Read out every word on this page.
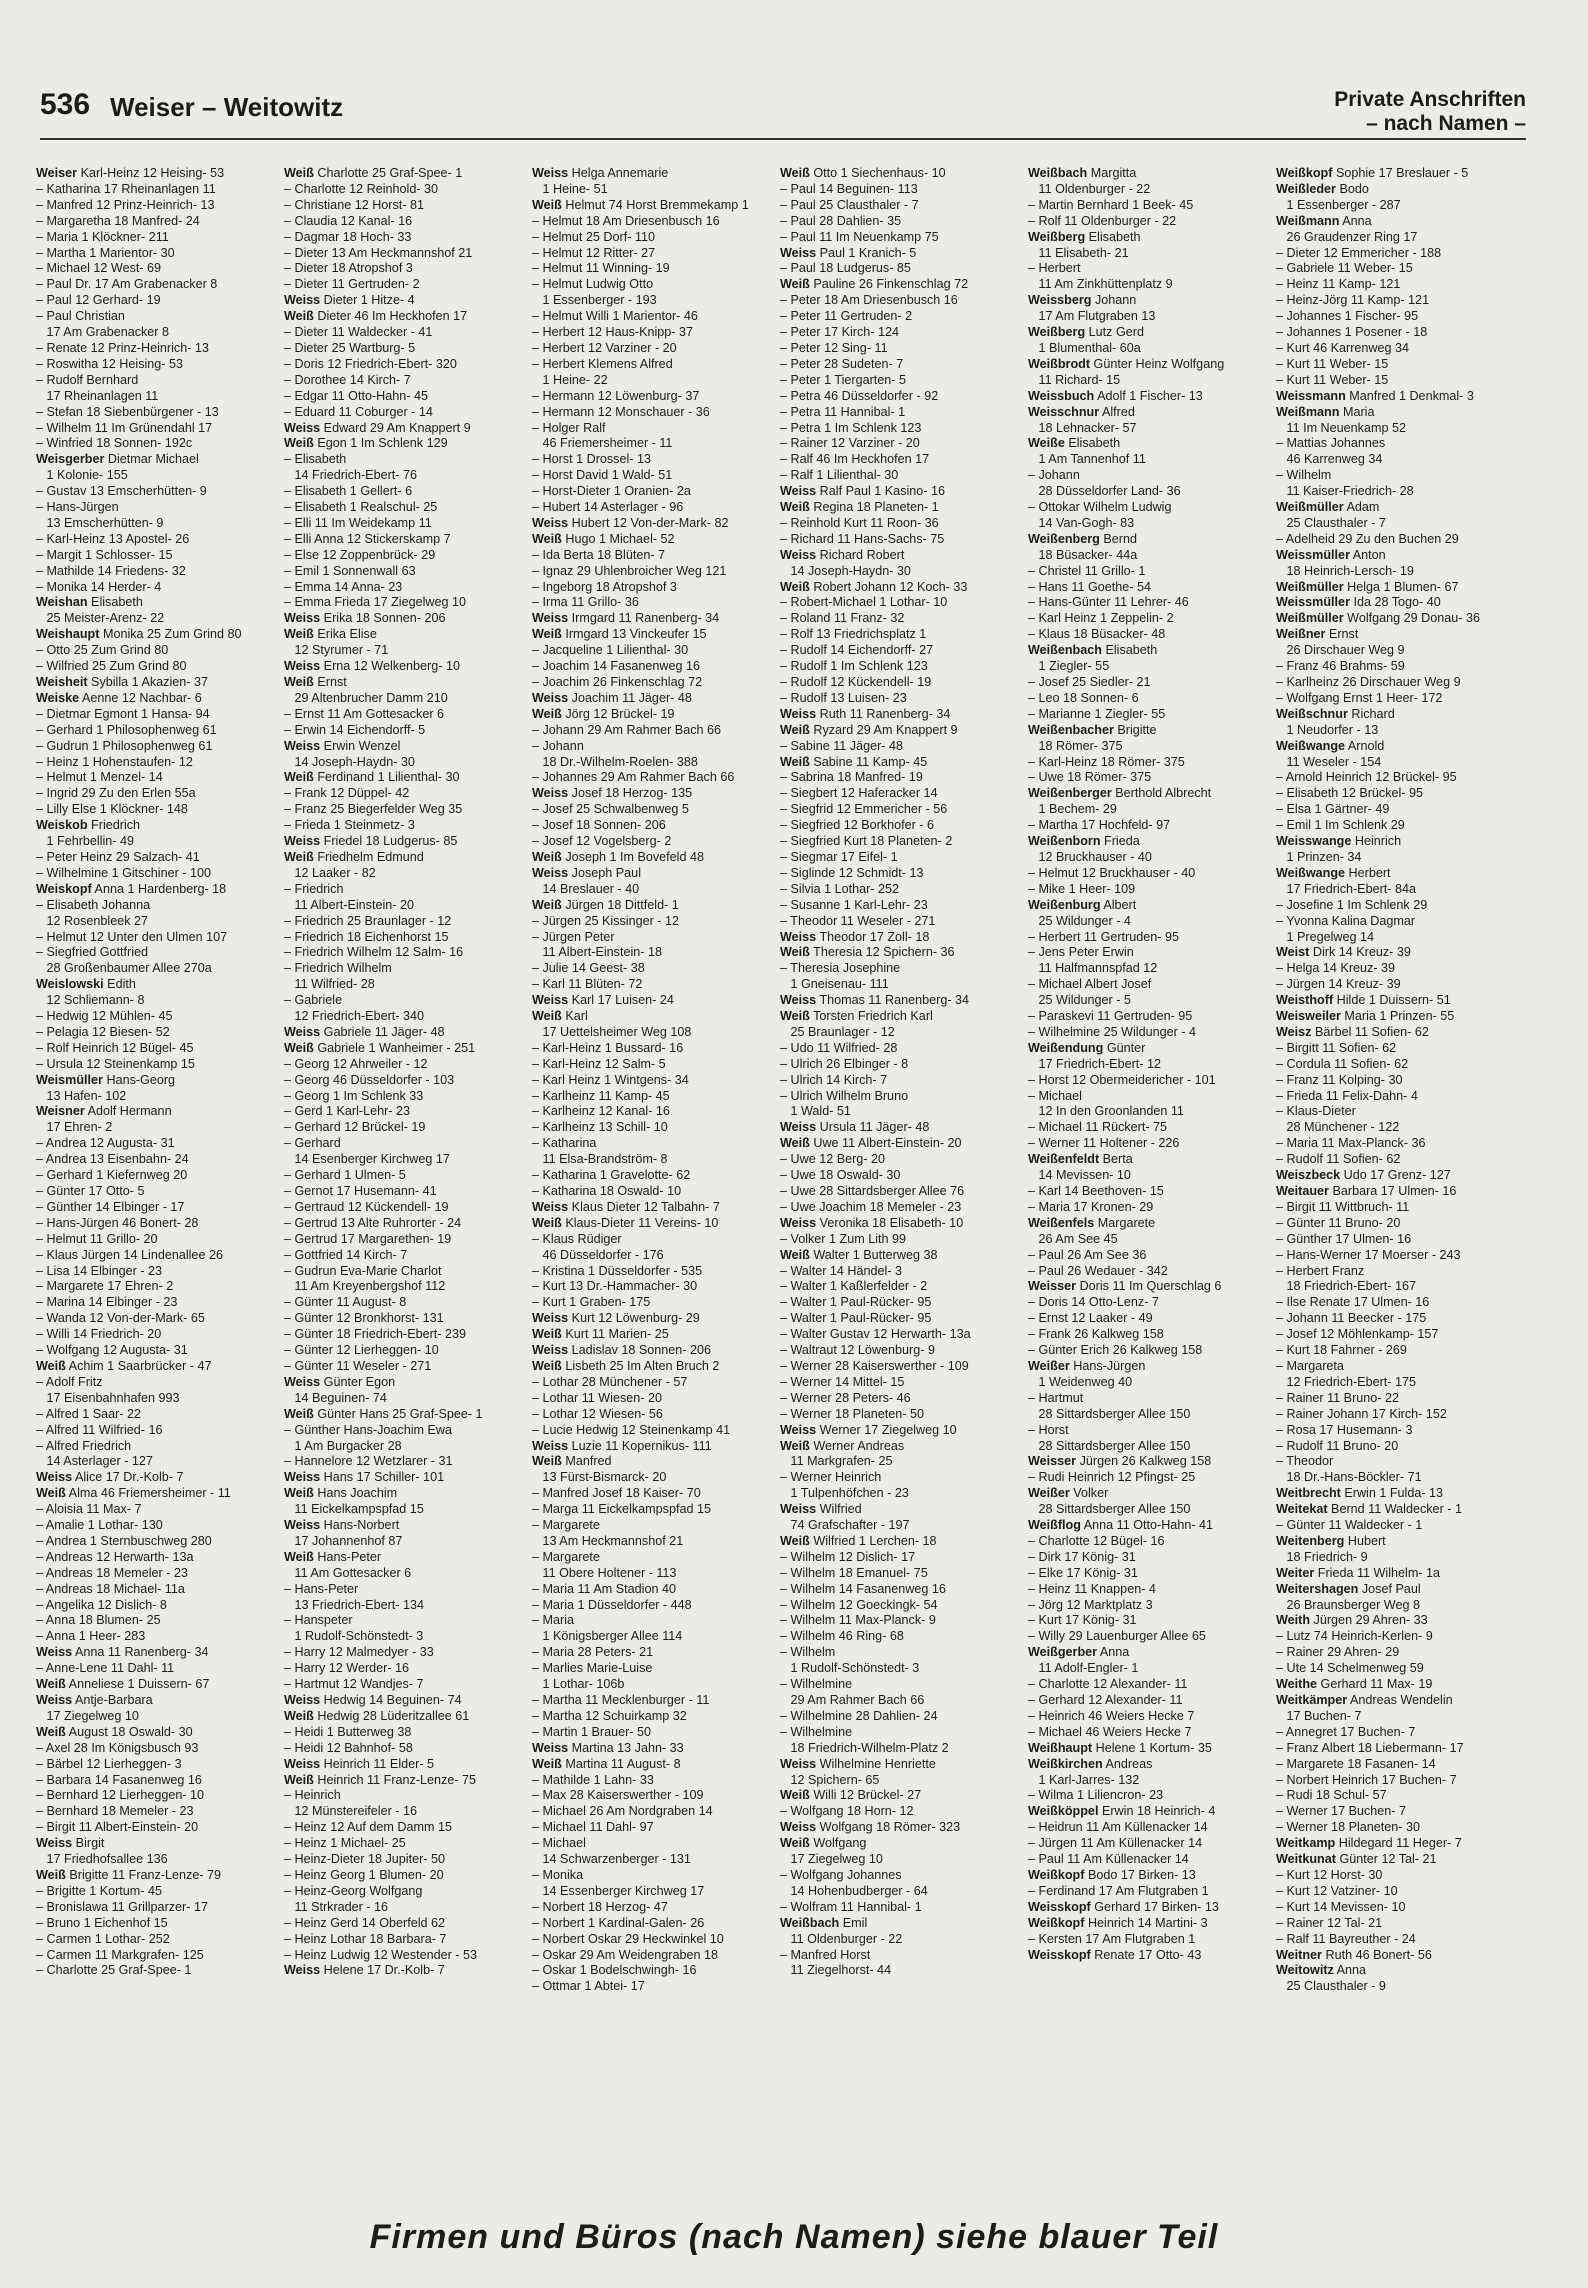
536 Weiser – Weitowitz	Private Anschriften
– nach Namen –
Weiser Karl-Heinz 12 Heising- 53
– Katharina 17 Rheinanlagen 11
– Manfred 12 Prinz-Heinrich- 13
– Margaretha 18 Manfred- 24
– Maria 1 Klöckner- 211
– Martha 1 Marientor- 30
– Michael 12 West- 69
– Paul Dr. 17 Am Grabenacker 8
– Paul 12 Gerhard- 19
– Paul Christian
17 Am Grabenacker 8
– Renate 12 Prinz-Heinrich- 13
– Roswitha 12 Heising- 53
– Rudolf Bernhard
17 Rheinanlagen 11
– Stefan 18 Siebenbürgener - 13
– Wilhelm 11 Im Grünendahl 17
– Winfried 18 Sonnen- 192c
Weisgerber Dietmar Michael
1 Kolonie- 155
– Gustav 13 Emscherhütten- 9
– Hans-Jürgen
13 Emscherhütten- 9
– Karl-Heinz 13 Apostel- 26
– Margit 1 Schlosser- 15
– Mathilde 14 Friedens- 32
– Monika 14 Herder- 4
Weishan Elisabeth
25 Meister-Arenz- 22
Weishaupt Monika 25 Zum Grind 80
– Otto 25 Zum Grind 80
– Wilfried 25 Zum Grind 80
Weisheit Sybilla 1 Akazien- 37
Weiske Aenne 12 Nachbar- 6
– Dietmar Egmont 1 Hansa- 94
– Gerhard 1 Philosophenweg 61
– Gudrun 1 Philosophenweg 61
– Heinz 1 Hohenstaufen- 12
– Helmut 1 Menzel- 14
– Ingrid 29 Zu den Erlen 55a
– Lilly Else 1 Klöckner- 148
Weiskob Friedrich
1 Fehrbellin- 49
– Peter Heinz 29 Salzach- 41
– Wilhelmine 1 Gitschiner - 100
Weiskopf Anna 1 Hardenberg- 18
– Elisabeth Johanna
12 Rosenbleek 27
– Helmut 12 Unter den Ulmen 107
– Siegfried Gottfried
28 Großenbaumer Allee 270a
Weislowski Edith
12 Schliemann- 8
– Hedwig 12 Mühlen- 45
– Pelagia 12 Biesen- 52
– Rolf Heinrich 12 Bügel- 45
– Ursula 12 Steinenkamp 15
Weismüller Hans-Georg
13 Hafen- 102
Weisner Adolf Hermann
17 Ehren- 2
– Andrea 12 Augusta- 31
– Andrea 13 Eisenbahn- 24
– Gerhard 1 Kiefernweg 20
– Günter 17 Otto- 5
– Günther 14 Elbinger - 17
– Hans-Jürgen 46 Bonert- 28
– Helmut 11 Grillo- 20
– Klaus Jürgen 14 Lindenallee 26
– Lisa 14 Elbinger - 23
– Margarete 17 Ehren- 2
– Marina 14 Elbinger - 23
– Wanda 12 Von-der-Mark- 65
– Willi 14 Friedrich- 20
– Wolfgang 12 Augusta- 31
Weiß Achim 1 Saarbrücker - 47
– Adolf Fritz
17 Eisenbahnhafen 993
– Alfred 1 Saar- 22
– Alfred 11 Wilfried- 16
– Alfred Friedrich
14 Asterlager - 127
Weiss Alice 17 Dr.-Kolb- 7
Weiß Alma 46 Friemersheimer - 11
– Aloisia 11 Max- 7
– Amalie 1 Lothar- 130
– Andrea 1 Sternbuschweg 280
– Andreas 12 Herwarth- 13a
– Andreas 18 Memeler - 23
– Andreas 18 Michael- 11a
– Angelika 12 Dislich- 8
– Anna 18 Blumen- 25
– Anna 1 Heer- 283
Weiss Anna 11 Ranenberg- 34
– Anne-Lene 11 Dahl- 11
Weiß Anneliese 1 Duissern- 67
Weiss Antje-Barbara
17 Ziegelweg 10
Weiß August 18 Oswald- 30
– Axel 28 Im Königsbusch 93
– Bärbel 12 Lierheggen- 3
– Barbara 14 Fasanenweg 16
– Bernhard 12 Lierheggen- 10
– Bernhard 18 Memeler - 23
– Birgit 11 Albert-Einstein- 20
Weiss Birgit
17 Friedhofsallee 136
Weiß Brigitte 11 Franz-Lenze- 79
– Brigitte 1 Kortum- 45
– Bronislawa 11 Grillparzer- 17
– Bruno 1 Eichenhof 15
– Carmen 1 Lothar- 252
– Carmen 11 Markgrafen- 125
– Charlotte 25 Graf-Spee- 1
Weiß Charlotte 25 Graf-Spee- 1
– Charlotte 12 Reinhold- 30
– Christiane 12 Horst- 81
– Claudia 12 Kanal- 16
– Dagmar 18 Hoch- 33
– Dieter 13 Am Heckmannshof 21
– Dieter 18 Atropshof 3
– Dieter 11 Gertruden- 2
Weiss Dieter 1 Hitze- 4
Weiß Dieter 46 Im Heckhofen 17
– Dieter 11 Waldecker - 41
– Dieter 25 Wartburg- 5
– Doris 12 Friedrich-Ebert- 320
– Dorothee 14 Kirch- 7
– Edgar 11 Otto-Hahn- 45
– Eduard 11 Coburger - 14
Weiss Edward 29 Am Knappert 9
Weiß Egon 1 Im Schlenk 129
– Elisabeth
14 Friedrich-Ebert- 76
– Elisabeth 1 Gellert- 6
– Elisabeth 1 Realschul- 25
– Elli 11 Im Weidekamp 11
– Elli Anna 12 Stickerskamp 7
– Else 12 Zoppenbrück- 29
– Emil 1 Sonnenwall 63
– Emma 14 Anna- 23
– Emma Frieda 17 Ziegelweg 10
Weiss Erika 18 Sonnen- 206
Weiß Erika Elise
12 Styrumer - 71
Weiss Erna 12 Welkenberg- 10
Weiß Ernst
29 Altenbrucher Damm 210
– Ernst 11 Am Gottesacker 6
– Erwin 14 Eichendorff- 5
Weiss Erwin Wenzel
14 Joseph-Haydn- 30
Weiß Ferdinand 1 Lilienthal- 30
– Frank 12 Düppel- 42
– Franz 25 Biegerfelder Weg 35
– Frieda 1 Steinmetz- 3
Weiss Friedel 18 Ludgerus- 85
Weiß Friedhelm Edmund
12 Laaker - 82
– Friedrich
11 Albert-Einstein- 20
– Friedrich 25 Braunlager - 12
– Friedrich 18 Eichenhorst 15
– Friedrich Wilhelm 12 Salm- 16
– Friedrich Wilhelm
11 Wilfried- 28
– Gabriele
12 Friedrich-Ebert- 340
Weiss Gabriele 11 Jäger- 48
Weiß Gabriele 1 Wanheimer - 251
– Georg 12 Ahrweiler - 12
– Georg 46 Düsseldorfer - 103
– Georg 1 Im Schlenk 33
– Gerd 1 Karl-Lehr- 23
– Gerhard 12 Brückel- 19
– Gerhard
14 Esenberger Kirchweg 17
– Gerhard 1 Ulmen- 5
– Gernot 17 Husemann- 41
– Gertraud 12 Kückendell- 19
– Gertrud 13 Alte Ruhrorter - 24
– Gertrud 17 Margarethen- 19
– Gottfried 14 Kirch- 7
– Gudrun Eva-Marie Charlot
11 Am Kreyenbergshof 112
– Günter 11 August- 8
– Günter 12 Bronkhorst- 131
– Günter 18 Friedrich-Ebert- 239
– Günter 12 Lierheggen- 10
– Günter 11 Weseler - 271
Weiss Günter Egon
14 Beguinen- 74
Weiß Günter Hans 25 Graf-Spee- 1
– Günther Hans-Joachim Ewa
1 Am Burgacker 28
– Hannelore 12 Wetzlarer - 31
Weiss Hans 17 Schiller- 101
Weiß Hans Joachim
11 Eickelkampspfad 15
Weiss Hans-Norbert
17 Johannenhof 87
Weiß Hans-Peter
11 Am Gottesacker 6
– Hans-Peter
13 Friedrich-Ebert- 134
– Hanspeter
1 Rudolf-Schönstedt- 3
– Harry 12 Malmedyer - 33
– Harry 12 Werder- 16
– Hartmut 12 Wandjes- 7
Weiss Hedwig 14 Beguinen- 74
Weiß Hedwig 28 Lüderitzallee 61
– Heidi 1 Butterweg 38
– Heidi 12 Bahnhof- 58
Weiss Heinrich 11 Elder- 5
Weiß Heinrich 11 Franz-Lenze- 75
– Heinrich
12 Münstereifeler - 16
– Heinz 12 Auf dem Damm 15
– Heinz 1 Michael- 25
– Heinz-Dieter 18 Jupiter- 50
– Heinz Georg 1 Blumen- 20
– Heinz-Georg Wolfgang
11 Strkrader - 16
– Heinz Gerd 14 Oberfeld 62
– Heinz Lothar 18 Barbara- 7
– Heinz Ludwig 12 Westender - 53
Weiss Helene 17 Dr.-Kolb- 7
Weiss Helga Annemarie
1 Heine- 51
Weiß Helmut 74 Horst Bremmekamp 1
– Helmut 18 Am Driesenbusch 16
– Helmut 25 Dorf- 110
– Helmut 12 Ritter- 27
– Helmut 11 Winning- 19
– Helmut Ludwig Otto
1 Essenberger - 193
– Helmut Willi 1 Marientor- 46
– Herbert 12 Haus-Knipp- 37
– Herbert 12 Varziner - 20
– Herbert Klemens Alfred
1 Heine- 22
– Hermann 12 Löwenburg- 37
– Hermann 12 Monschauer - 36
– Holger Ralf
46 Friemersheimer - 11
– Horst 1 Drossel- 13
– Horst David 1 Wald- 51
– Horst-Dieter 1 Oranien- 2a
– Hubert 14 Asterlager - 96
Weiss Hubert 12 Von-der-Mark- 82
Weiß Hugo 1 Michael- 52
– Ida Berta 18 Blüten- 7
– Ignaz 29 Uhlenbroicher Weg 121
– Ingeborg 18 Atropshof 3
– Irma 11 Grillo- 36
Weiss Irmgard 11 Ranenberg- 34
Weiß Irmgard 13 Vinckeufer 15
– Jacqueline 1 Lilienthal- 30
– Joachim 14 Fasanenweg 16
– Joachim 26 Finkenschlag 72
Weiss Joachim 11 Jäger- 48
Weiß Jörg 12 Brückel- 19
– Johann 29 Am Rahmer Bach 66
– Johann
18 Dr.-Wilhelm-Roelen- 388
– Johannes 29 Am Rahmer Bach 66
Weiss Josef 18 Herzog- 135
– Josef 25 Schwalbenweg 5
– Josef 18 Sonnen- 206
– Josef 12 Vogelsberg- 2
Weiß Joseph 1 Im Bovefeld 48
Weiss Joseph Paul
14 Breslauer - 40
Weiß Jürgen 18 Dittfeld- 1
– Jürgen 25 Kissinger - 12
– Jürgen Peter
11 Albert-Einstein- 18
– Julie 14 Geest- 38
– Karl 11 Blüten- 72
Weiss Karl 17 Luisen- 24
Weiß Karl
17 Uettelsheimer Weg 108
– Karl-Heinz 1 Bussard- 16
– Karl-Heinz 12 Salm- 5
– Karl Heinz 1 Wintgens- 34
– Karlheinz 11 Kamp- 45
– Karlheinz 12 Kanal- 16
– Karlheinz 13 Schill- 10
– Katharina
11 Elsa-Brandström- 8
– Katharina 1 Gravelotte- 62
– Katharina 18 Oswald- 10
Weiss Klaus Dieter 12 Talbahn- 7
Weiß Klaus-Dieter 11 Vereins- 10
– Klaus Rüdiger
46 Düsseldorfer - 176
– Kristina 1 Düsseldorfer - 535
– Kurt 13 Dr.-Hammacher- 30
– Kurt 1 Graben- 175
Weiss Kurt 12 Löwenburg- 29
Weiß Kurt 11 Marien- 25
Weiss Ladislav 18 Sonnen- 206
Weiß Lisbeth 25 Im Alten Bruch 2
– Lothar 28 Münchener - 57
– Lothar 11 Wiesen- 20
– Lothar 12 Wiesen- 56
– Lucie Hedwig 12 Steinenkamp 41
Weiss Luzie 11 Kopernikus- 111
Weiß Manfred
13 Fürst-Bismarck- 20
– Manfred Josef 18 Kaiser- 70
– Marga 11 Eickelkampspfad 15
– Margarete
13 Am Heckmannshof 21
– Margarete
11 Obere Holtener - 113
– Maria 11 Am Stadion 40
– Maria 1 Düsseldorfer - 448
– Maria
1 Königsberger Allee 114
– Maria 28 Peters- 21
– Marlies Marie-Luise
1 Lothar- 106b
– Martha 11 Mecklenburger - 11
– Martha 12 Schuirkamp 32
– Martin 1 Brauer- 50
Weiss Martina 13 Jahn- 33
Weiß Martina 11 August- 8
– Mathilde 1 Lahn- 33
– Max 28 Kaiserswerther - 109
– Michael 26 Am Nordgraben 14
– Michael 11 Dahl- 97
– Michael
14 Schwarzenberger - 131
– Monika
14 Essenberger Kirchweg 17
– Norbert 18 Herzog- 47
– Norbert 1 Kardinal-Galen- 26
– Norbert Oskar 29 Heckwinkel 10
– Oskar 29 Am Weidengraben 18
– Oskar 1 Bodelschwingh- 16
– Ottmar 1 Abtei- 17
Weiß Otto 1 Siechenhaus- 10
– Paul 14 Beguinen- 113
– Paul 25 Clausthaler - 7
– Paul 28 Dahlien- 35
– Paul 11 Im Neuenkamp 75
Weiss Paul 1 Kranich- 5
– Paul 18 Ludgerus- 85
Weiß Pauline 26 Finkenschlag 72
– Peter 18 Am Driesenbusch 16
– Peter 11 Gertruden- 2
– Peter 17 Kirch- 124
– Peter 12 Sing- 11
– Peter 28 Sudeten- 7
– Peter 1 Tiergarten- 5
– Petra 46 Düsseldorfer - 92
– Petra 11 Hannibal- 1
– Petra 1 Im Schlenk 123
– Rainer 12 Varziner - 20
– Ralf 46 Im Heckhofen 17
– Ralf 1 Lilienthal- 30
Weiss Ralf Paul 1 Kasino- 16
Weiß Regina 18 Planeten- 1
– Reinhold Kurt 11 Roon- 36
– Richard 11 Hans-Sachs- 75
Weiss Richard Robert
14 Joseph-Haydn- 30
Weiß Robert Johann 12 Koch- 33
– Robert-Michael 1 Lothar- 10
– Roland 11 Franz- 32
– Rolf 13 Friedrichsplatz 1
– Rudolf 14 Eichendorff- 27
– Rudolf 1 Im Schlenk 123
– Rudolf 12 Kückendell- 19
– Rudolf 13 Luisen- 23
Weiss Ruth 11 Ranenberg- 34
Weiß Ryzard 29 Am Knappert 9
– Sabine 11 Jäger- 48
Weiß Sabine 11 Kamp- 45
– Sabrina 18 Manfred- 19
– Siegbert 12 Haferacker 14
– Siegfrid 12 Emmericher - 56
– Siegfried 12 Borkhofer - 6
– Siegfried Kurt 18 Planeten- 2
– Siegmar 17 Eifel- 1
– Siglinde 12 Schmidt- 13
– Silvia 1 Lothar- 252
– Susanne 1 Karl-Lehr- 23
– Theodor 11 Weseler - 271
Weiss Theodor 17 Zoll- 18
Weiß Theresia 12 Spichern- 36
– Theresia Josephine
1 Gneisenau- 111
Weiss Thomas 11 Ranenberg- 34
Weiß Torsten Friedrich Karl
25 Braunlager - 12
– Udo 11 Wilfried- 28
– Ulrich 26 Elbinger - 8
– Ulrich 14 Kirch- 7
– Ulrich Wilhelm Bruno
1 Wald- 51
Weiss Ursula 11 Jäger- 48
Weiß Uwe 11 Albert-Einstein- 20
– Uwe 12 Berg- 20
– Uwe 18 Oswald- 30
– Uwe 28 Sittardsberger Allee 76
– Uwe Joachim 18 Memeler - 23
Weiss Veronika 18 Elisabeth- 10
– Volker 1 Zum Lith 99
Weiß Walter 1 Butterweg 38
– Walter 14 Händel- 3
– Walter 1 Kaßlerfelder - 2
– Walter 1 Paul-Rücker- 95
– Walter 1 Paul-Rücker- 95
– Walter Gustav 12 Herwarth- 13a
– Waltraut 12 Löwenburg- 9
– Werner 28 Kaiserswerther - 109
– Werner 14 Mittel- 15
– Werner 28 Peters- 46
– Werner 18 Planeten- 50
Weiss Werner 17 Ziegelweg 10
Weiß Werner Andreas
11 Markgrafen- 25
– Werner Heinrich
1 Tulpenhöfchen - 23
Weiss Wilfried
74 Grafschafter - 197
Weiß Wilfried 1 Lerchen- 18
– Wilhelm 12 Dislich- 17
– Wilhelm 18 Emanuel- 75
– Wilhelm 14 Fasanenweg 16
– Wilhelm 12 Goeckingk- 54
– Wilhelm 11 Max-Planck- 9
– Wilhelm 46 Ring- 68
– Wilhelm
1 Rudolf-Schönstedt- 3
– Wilhelmine
29 Am Rahmer Bach 66
– Wilhelmine 28 Dahlien- 24
– Wilhelmine
18 Friedrich-Wilhelm-Platz 2
Weiss Wilhelmine Henriette
12 Spichern- 65
Weiß Willi 12 Brückel- 27
– Wolfgang 18 Horn- 12
Weiss Wolfgang 18 Römer- 323
Weiß Wolfgang
17 Ziegelweg 10
– Wolfgang Johannes
14 Hohenbudberger - 64
– Wolfram 11 Hannibal- 1
Weißbach Emil
11 Oldenburger - 22
– Manfred Horst
11 Ziegelhorst- 44
Weißbach Margitta
11 Oldenburger - 22
– Martin Bernhard 1 Beek- 45
– Rolf 11 Oldenburger - 22
Weißberg Elisabeth
11 Elisabeth- 21
– Herbert
11 Am Zinkhüttenplatz 9
Weissberg Johann
17 Am Flutgraben 13
Weißberg Lutz Gerd
1 Blumenthal- 60a
Weißbrodt Günter Heinz Wolfgang
11 Richard- 15
Weissbuch Adolf 1 Fischer- 13
Weisschnur Alfred
18 Lehnacker- 57
Weiße Elisabeth
1 Am Tannenhof 11
– Johann
28 Düsseldorfer Land- 36
– Ottokar Wilhelm Ludwig
14 Van-Gogh- 83
Weißenberg Bernd
18 Büsacker- 44a
– Christel 11 Grillo- 1
– Hans 11 Goethe- 54
– Hans-Günter 11 Lehrer- 46
– Karl Heinz 1 Zeppelin- 2
– Klaus 18 Büsacker- 48
Weißenbach Elisabeth
1 Ziegler- 55
– Josef 25 Siedler- 21
– Leo 18 Sonnen- 6
– Marianne 1 Ziegler- 55
Weißenbacher Brigitte
18 Römer- 375
– Karl-Heinz 18 Römer- 375
– Uwe 18 Römer- 375
Weißenberger Berthold Albrecht
1 Bechem- 29
– Martha 17 Hochfeld- 97
Weißenborn Frieda
12 Bruckhauser - 40
– Helmut 12 Bruckhauser - 40
– Mike 1 Heer- 109
Weißenburg Albert
25 Wildunger - 4
– Herbert 11 Gertruden- 95
– Jens Peter Erwin
11 Halfmannspfad 12
– Michael Albert Josef
25 Wildunger - 5
– Paraskevi 11 Gertruden- 95
– Wilhelmine 25 Wildunger - 4
Weißendung Günter
17 Friedrich-Ebert- 12
– Horst 12 Obermeidericher - 101
– Michael
12 In den Groonlanden 11
– Michael 11 Rückert- 75
– Werner 11 Holtener - 226
Weißenfeldt Berta
14 Mevissen- 10
– Karl 14 Beethoven- 15
– Maria 17 Kronen- 29
Weißenfels Margarete
26 Am See 45
– Paul 26 Am See 36
– Paul 26 Wedauer - 342
Weisser Doris 11 Im Querschlag 6
– Doris 14 Otto-Lenz- 7
– Ernst 12 Laaker - 49
– Frank 26 Kalkweg 158
– Günter Erich 26 Kalkweg 158
Weißer Hans-Jürgen
1 Weidenweg 40
– Hartmut
28 Sittardsberger Allee 150
– Horst
28 Sittardsberger Allee 150
Weisser Jürgen 26 Kalkweg 158
– Rudi Heinrich 12 Pfingst- 25
Weißer Volker
28 Sittardsberger Allee 150
Weißflog Anna 11 Otto-Hahn- 41
– Charlotte 12 Bügel- 16
– Dirk 17 König- 31
– Elke 17 König- 31
– Heinz 11 Knappen- 4
– Jörg 12 Marktplatz 3
– Kurt 17 König- 31
– Willy 29 Lauenburger Allee 65
Weißgerber Anna
11 Adolf-Engler- 1
– Charlotte 12 Alexander- 11
– Gerhard 12 Alexander- 11
– Heinrich 46 Weiers Hecke 7
– Michael 46 Weiers Hecke 7
Weißhaupt Helene 1 Kortum- 35
Weißkirchen Andreas
1 Karl-Jarres- 132
– Wilma 1 Liliencron- 23
Weißköppel Erwin 18 Heinrich- 4
– Heidrun 11 Am Küllenacker 14
– Jürgen 11 Am Küllenacker 14
– Paul 11 Am Küllenacker 14
Weißkopf Bodo 17 Birken- 13
– Ferdinand 17 Am Flutgraben 1
Weisskopf Gerhard 17 Birken- 13
Weißkopf Heinrich 14 Martini- 3
– Kersten 17 Am Flutgraben 1
Weisskopf Renate 17 Otto- 43
Weißkopf Sophie 17 Breslauer - 5
Weißleder Bodo
1 Essenberger - 287
Weißmann Anna
26 Graudenzer Ring 17
– Dieter 12 Emmericher - 188
– Gabriele 11 Weber- 15
– Heinz 11 Kamp- 121
– Heinz-Jörg 11 Kamp- 121
– Johannes 1 Fischer- 95
– Johannes 1 Posener - 18
– Kurt 46 Karrenweg 34
– Kurt 11 Weber- 15
– Kurt 11 Weber- 15
Weissmann Manfred 1 Denkmal- 3
Weißmann Maria
11 Im Neuenkamp 52
– Mattias Johannes
46 Karrenweg 34
– Wilhelm
11 Kaiser-Friedrich- 28
Weißmüller Adam
25 Clausthaler - 7
– Adelheid 29 Zu den Buchen 29
Weissmüller Anton
18 Heinrich-Lersch- 19
Weißmüller Helga 1 Blumen- 67
Weissmüller Ida 28 Togo- 40
Weißmüller Wolfgang 29 Donau- 36
Weißner Ernst
26 Dirschauer Weg 9
– Franz 46 Brahms- 59
– Karlheinz 26 Dirschauer Weg 9
– Wolfgang Ernst 1 Heer- 172
Weißschnur Richard
1 Neudorfer - 13
Weißwange Arnold
11 Weseler - 154
– Arnold Heinrich 12 Brückel- 95
– Elisabeth 12 Brückel- 95
– Elsa 1 Gärtner- 49
– Emil 1 Im Schlenk 29
Weisswange Heinrich
1 Prinzen- 34
Weißwange Herbert
17 Friedrich-Ebert- 84a
– Josefine 1 Im Schlenk 29
– Yvonna Kalina Dagmar
1 Pregelweg 14
Weist Dirk 14 Kreuz- 39
– Helga 14 Kreuz- 39
– Jürgen 14 Kreuz- 39
Weisthoff Hilde 1 Duissern- 51
Weisweiler Maria 1 Prinzen- 55
Weisz Bärbel 11 Sofien- 62
– Birgitt 11 Sofien- 62
– Cordula 11 Sofien- 62
– Franz 11 Kolping- 30
– Frieda 11 Felix-Dahn- 4
– Klaus-Dieter
28 Münchener - 122
– Maria 11 Max-Planck- 36
– Rudolf 11 Sofien- 62
Weiszbeck Udo 17 Grenz- 127
Weitauer Barbara 17 Ulmen- 16
– Birgit 11 Wittbruch- 11
– Günter 11 Bruno- 20
– Günther 17 Ulmen- 16
– Hans-Werner 17 Moerser - 243
– Herbert Franz
18 Friedrich-Ebert- 167
– Ilse Renate 17 Ulmen- 16
– Johann 11 Beecker - 175
– Josef 12 Möhlenkamp- 157
– Kurt 18 Fahrner - 269
– Margareta
12 Friedrich-Ebert- 175
– Rainer 11 Bruno- 22
– Rainer Johann 17 Kirch- 152
– Rosa 17 Husemann- 3
– Rudolf 11 Bruno- 20
– Theodor
18 Dr.-Hans-Böckler- 71
Weitbrecht Erwin 1 Fulda- 13
Weitekat Bernd 11 Waldecker - 1
– Günter 11 Waldecker - 1
Weitenberg Hubert
18 Friedrich- 9
Weiter Frieda 11 Wilhelm- 1a
Weitershagen Josef Paul
26 Braunsberger Weg 8
Weith Jürgen 29 Ahren- 33
– Lutz 74 Heinrich-Kerlen- 9
– Rainer 29 Ahren- 29
– Ute 14 Schelmenweg 59
Weithe Gerhard 11 Max- 19
Weitkämper Andreas Wendelin
17 Buchen- 7
– Annegret 17 Buchen- 7
– Franz Albert 18 Liebermann- 17
– Margarete 18 Fasanen- 14
– Norbert Heinrich 17 Buchen- 7
– Rudi 18 Schul- 57
– Werner 17 Buchen- 7
– Werner 18 Planeten- 30
Weitkamp Hildegard 11 Heger- 7
Weitkunat Günter 12 Tal- 21
– Kurt 12 Horst- 30
– Kurt 12 Vatziner- 10
– Kurt 14 Mevissen- 10
– Rainer 12 Tal- 21
– Ralf 11 Bayreuther - 24
Weitner Ruth 46 Bonert- 56
Weitowitz Anna
25 Clausthaler - 9
Firmen und Büros (nach Namen) siehe blauer Teil
